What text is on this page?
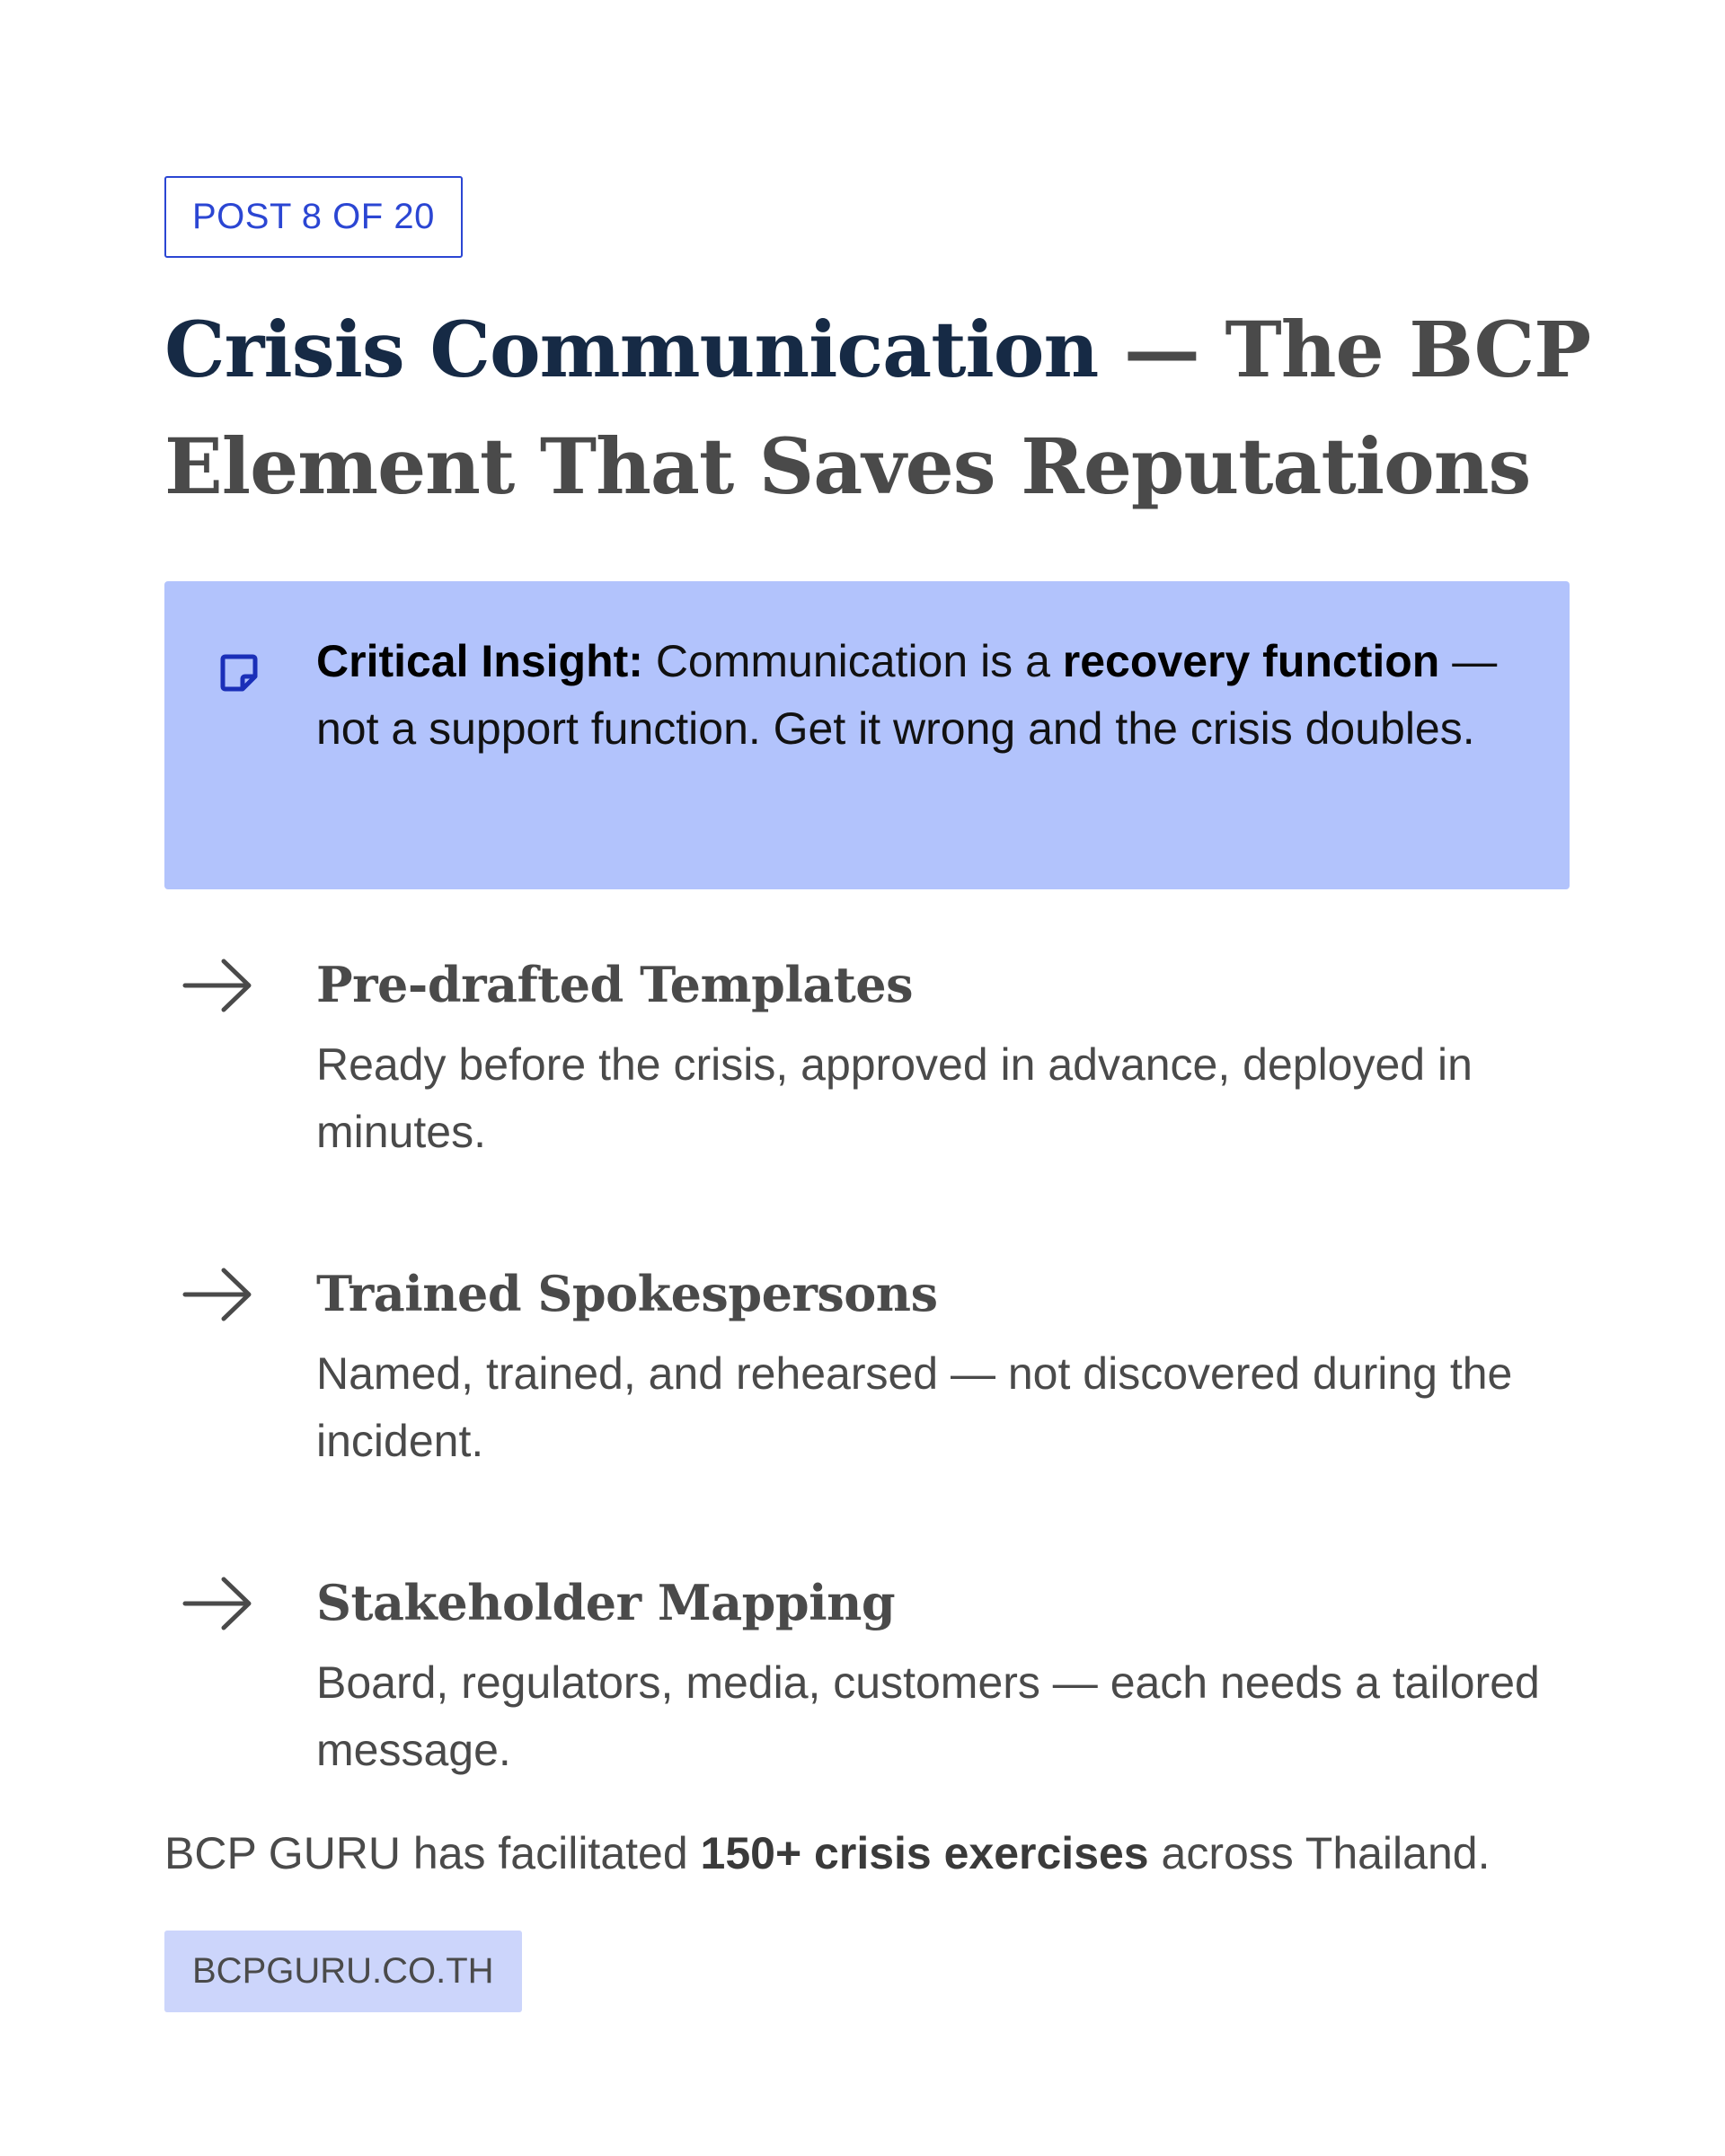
POST 8 OF 20
Crisis Communication — The BCP
Element That Saves Reputations
Critical Insight: Communication is a recovery function — not a support function. Get it wrong and the crisis doubles.
Pre-drafted Templates
Ready before the crisis, approved in advance, deployed in minutes.
Trained Spokespersons
Named, trained, and rehearsed — not discovered during the incident.
Stakeholder Mapping
Board, regulators, media, customers — each needs a tailored message.
BCP GURU has facilitated 150+ crisis exercises across Thailand.
BCPGURU.CO.TH
